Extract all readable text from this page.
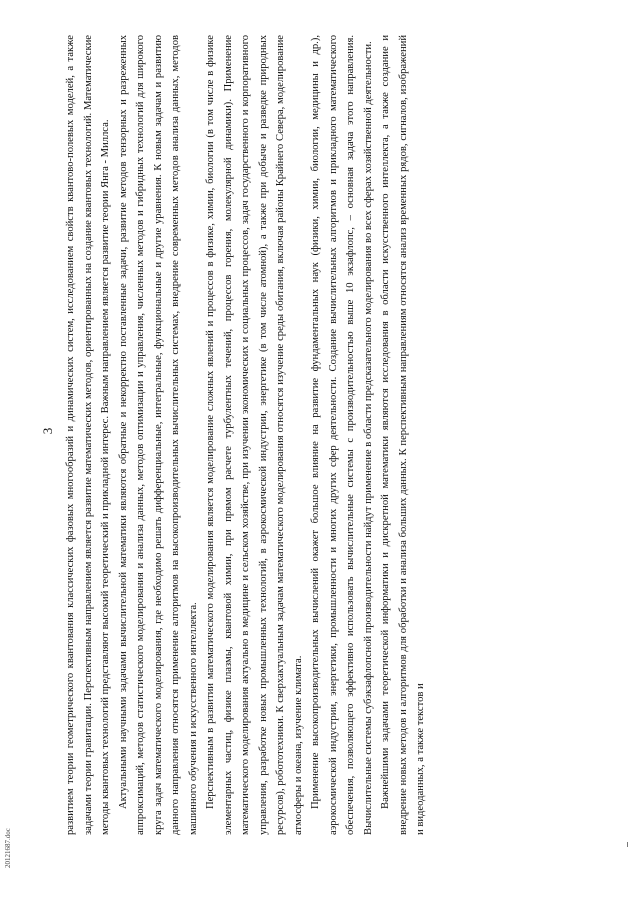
3 развитием теории геометрического квантования классических фазовых многообразий и динамических систем, исследованием свойств квантово-полевых моделей, а также задачами теории гравитации. Перспективным направлением является развитие математических методов, ориентированных на создание квантовых технологий. Математические методы квантовых технологий представляют высокий теоретический и прикладной интерес. Важным направлением является развитие теории Янга - Миллса. Актуальными научными задачами вычислительной математики являются обратные и некорректно поставленные задачи, развитие методов тензорных и разреженных аппроксимаций, методов статистического моделирования и анализа данных, методов оптимизации и управления, численных методов и гибридных технологий для широкого круга задач математического моделирования, где необходимо решать дифференциальные, интегральные, функциональные и другие уравнения. К новым задачам и развитию данного направления относятся применение алгоритмов на высокопроизводительных вычислительных системах, внедрение современных методов анализа данных, методов машинного обучения и искусственного интеллекта. Перспективным в развитии математического моделирования является моделирование сложных явлений и процессов в физике, химии, биологии (в том числе в физике элементарных частиц, физике плазмы, квантовой химии, при прямом расчете турбулентных течений, процессов горения, молекулярной динамики). Применение математического моделирования актуально в медицине и сельском хозяйстве, при изучении экономических и социальных процессов, задач государственного и корпоративного управления, разработке новых промышленных технологий, в аэрокосмической индустрии, энергетике (в том числе атомной), а также при добыче и разведке природных ресурсов), робототехники. К сверхактуальным задачам математического моделирования относятся изучение среды обитания, включая районы Крайнего Севера, моделирование атмосферы и океана, изучение климата. Применение высокопроизводительных вычислений окажет большое влияние на развитие фундаментальных наук (физики, химии, биологии, медицины и др.), аэрокосмической индустрии, энергетики, промышленности и многих других сфер деятельности. Создание вычислительных алгоритмов и прикладного математического обеспечения, позволяющего эффективно использовать вычислительные системы с производительностью выше 10 экзафлопс, – основная задача этого направления. Вычислительные системы субэкзафлопсной производительности найдут применение в области предсказательного моделирования во всех сферах хозяйственной деятельности. Важнейшими задачами теоретической информатики и дискретной математики являются исследования в области искусственного интеллекта, а также создание и внедрение новых методов и алгоритмов для обработки и анализа больших данных. К перспективным направлениям относятся анализ временных рядов, сигналов, изображений и видеоданных, а также текстов и

20121687.doc
